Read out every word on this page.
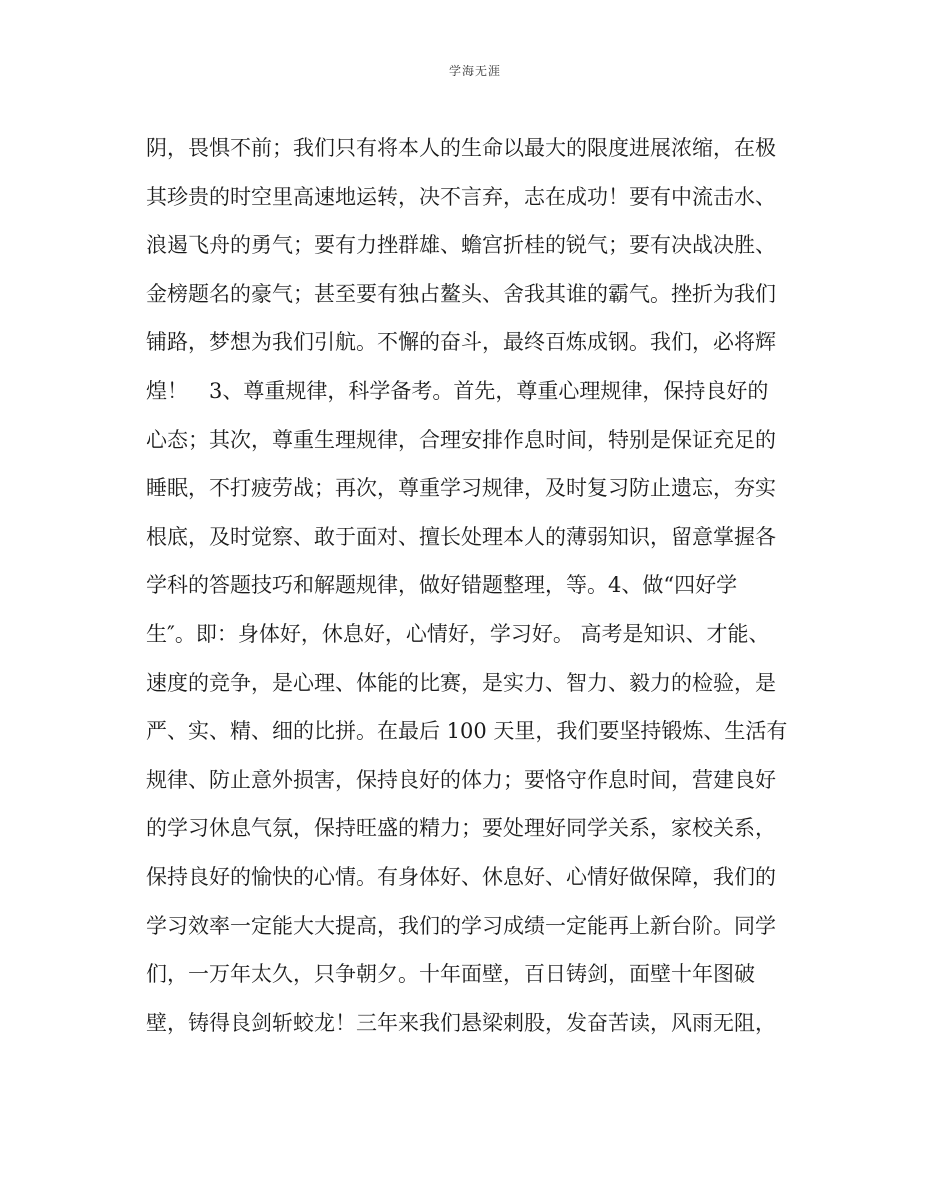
学海无涯
阴，畏惧不前；我们只有将本人的生命以最大的限度进展浓缩，在极
其珍贵的时空里高速地运转，决不言弃，志在成功！要有中流击水、
浪遏飞舟的勇气；要有力挫群雄、蟾宫折桂的锐气；要有决战决胜、
金榜题名的豪气；甚至要有独占鳌头、舍我其谁的霸气。挫折为我们
铺路，梦想为我们引航。不懈的奋斗，最终百炼成钢。我们，必将辉
煌！　3、尊重规律，科学备考。首先，尊重心理规律，保持良好的
心态；其次，尊重生理规律，合理安排作息时间，特别是保证充足的
睡眠，不打疲劳战；再次，尊重学习规律，及时复习防止遗忘，夯实
根底，及时觉察、敢于面对、擅长处理本人的薄弱知识，留意掌握各
学科的答题技巧和解题规律，做好错题整理，等。4、做“四好学
生″。即：身体好，休息好，心情好，学习好。 高考是知识、才能、
速度的竞争，是心理、体能的比赛，是实力、智力、毅力的检验，是
严、实、精、细的比拼。在最后 100 天里，我们要坚持锻炼、生活有
规律、防止意外损害，保持良好的体力；要恪守作息时间，营建良好
的学习休息气氛，保持旺盛的精力；要处理好同学关系，家校关系，
保持良好的愉快的心情。有身体好、休息好、心情好做保障，我们的
学习效率一定能大大提高，我们的学习成绩一定能再上新台阶。同学
们，一万年太久，只争朝夕。十年面壁，百日铸剑，面壁十年图破
壁，铸得良剑斩蛟龙！三年来我们悬梁刺股，发奋苦读，风雨无阻，
